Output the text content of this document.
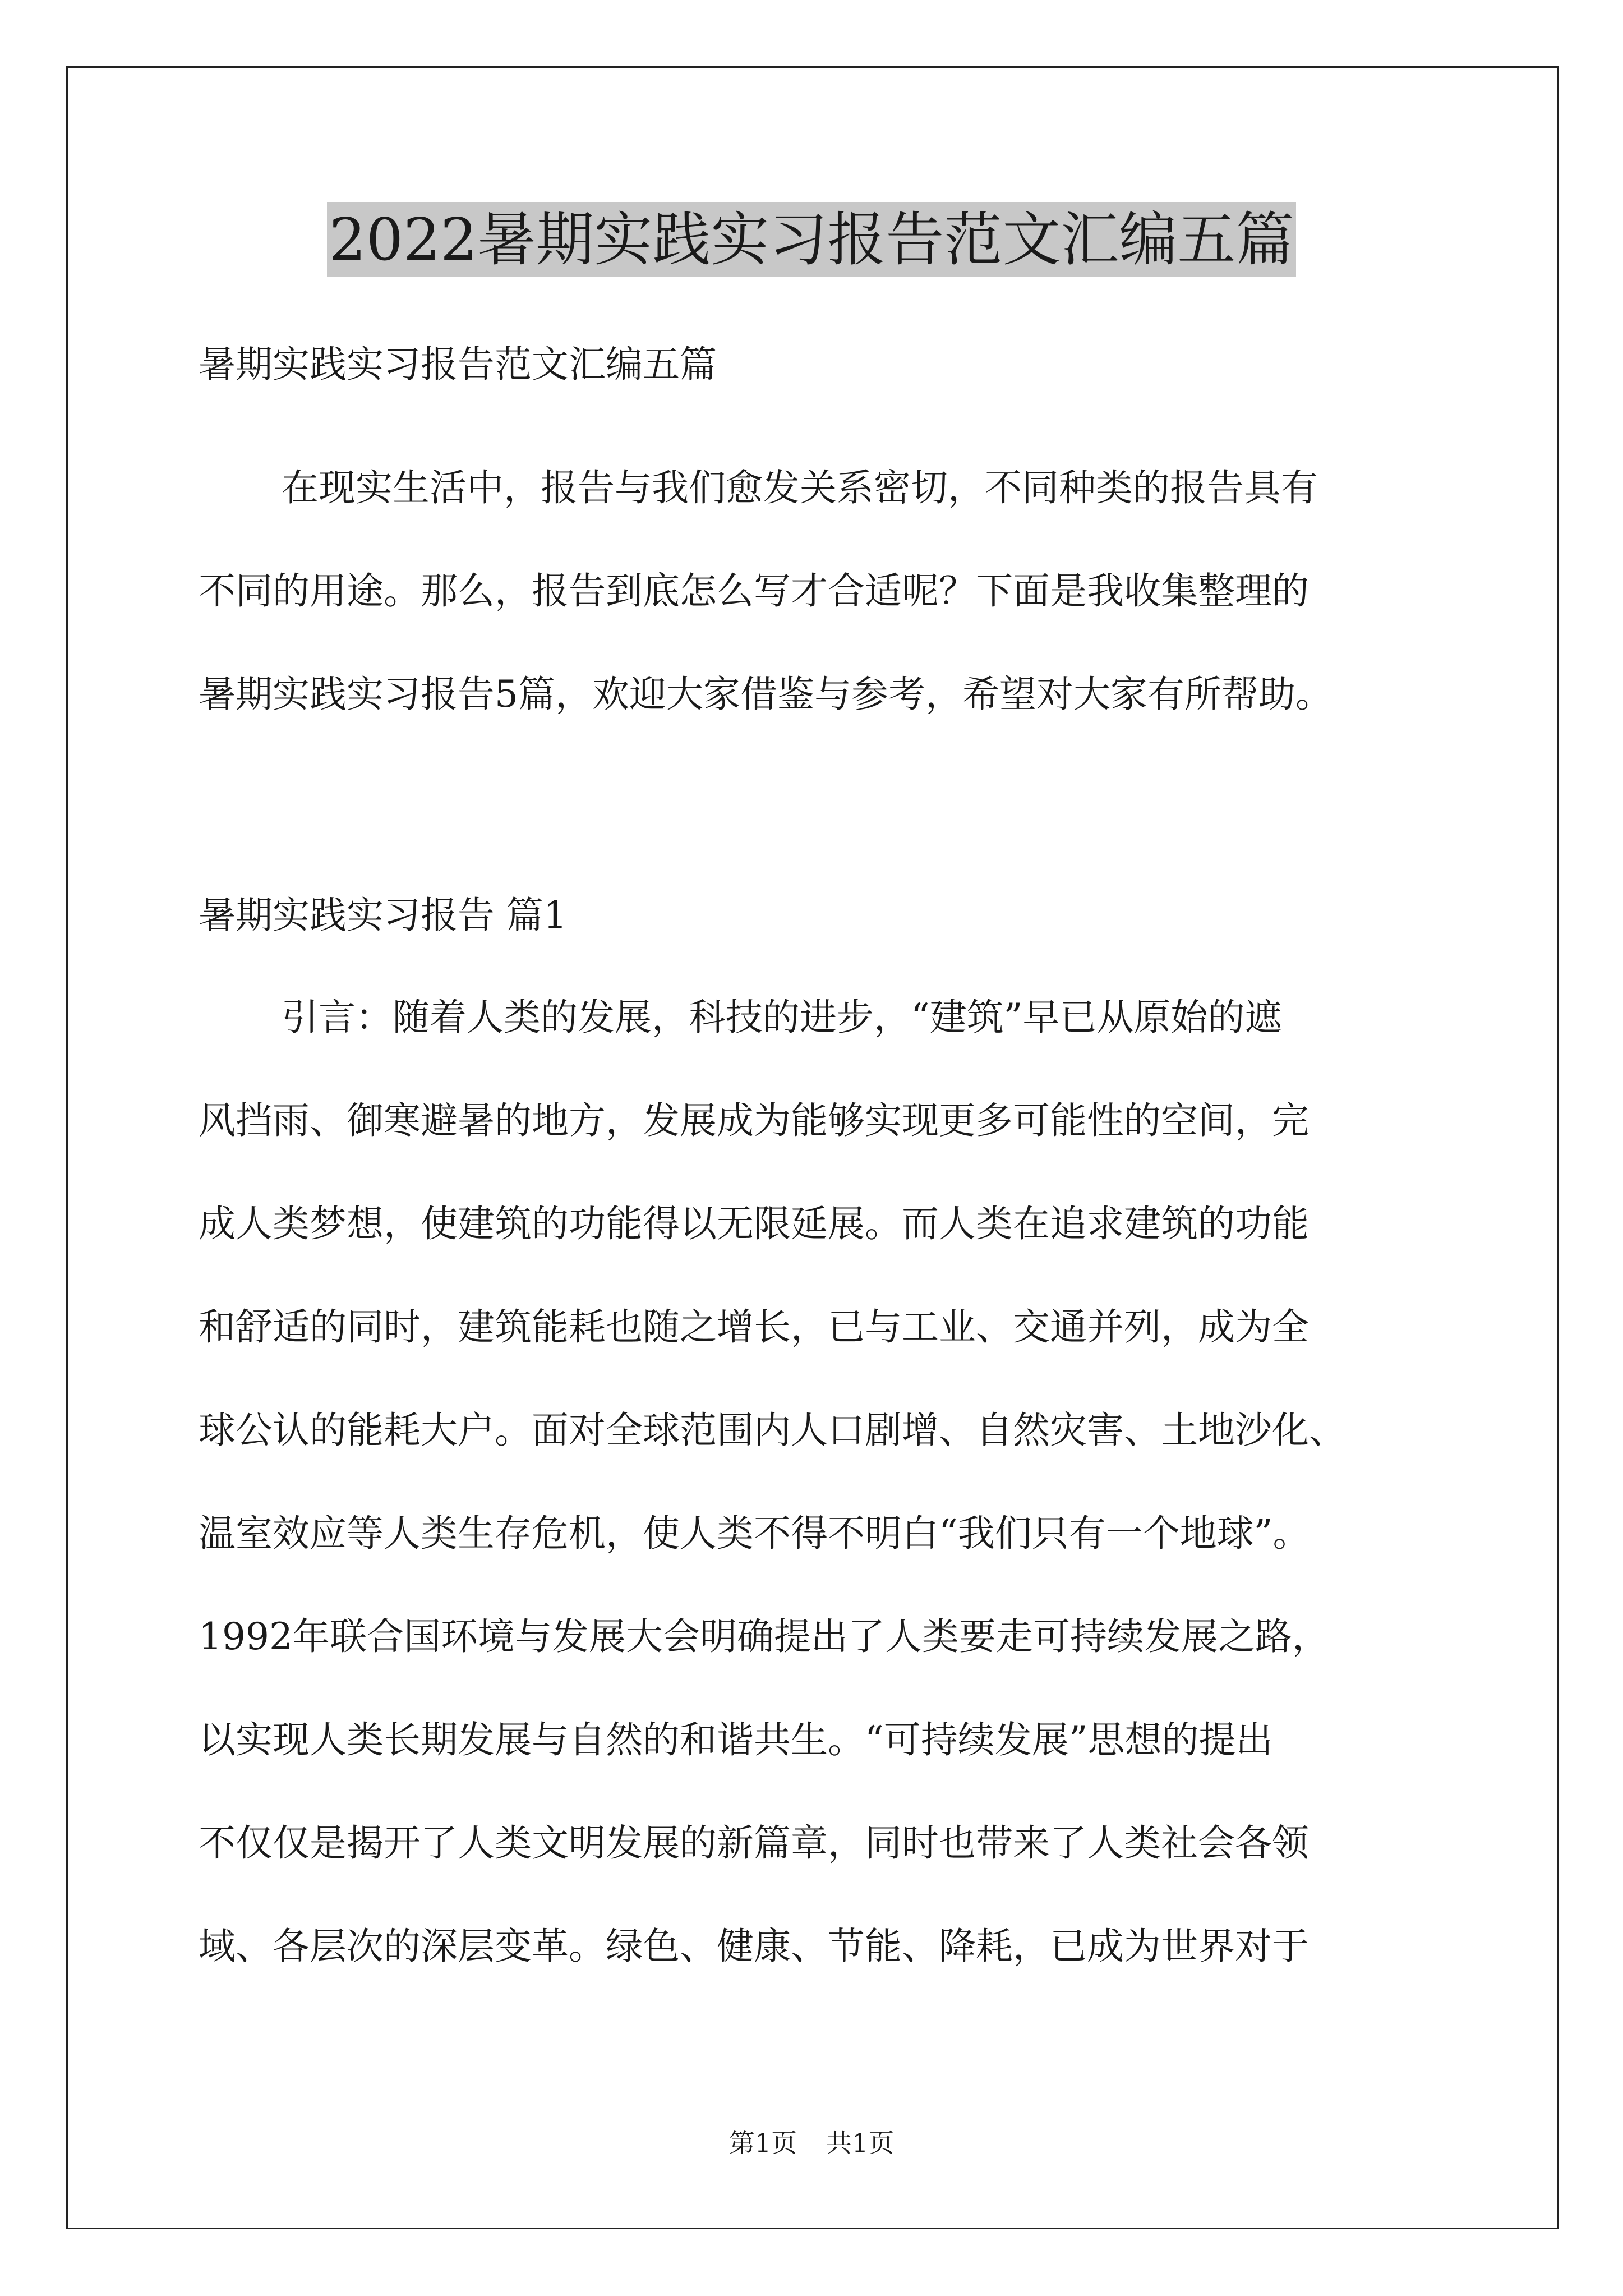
2022暑期实践实习报告范文汇编五篇

暑期实践实习报告范文汇编五篇

在现实生活中，报告与我们愈发关系密切，不同种类的报告具有

不同的用途。那么，报告到底怎么写才合适呢？下面是我收集整理的

暑期实践实习报告5篇，欢迎大家借鉴与参考，希望对大家有所帮助。

暑期实践实习报告 篇1

引言：随着人类的发展，科技的进步，“建筑”早已从原始的遮

风挡雨、御寒避暑的地方，发展成为能够实现更多可能性的空间，完

成人类梦想，使建筑的功能得以无限延展。而人类在追求建筑的功能

和舒适的同时，建筑能耗也随之增长，已与工业、交通并列，成为全

球公认的能耗大户。面对全球范围内人口剧增、自然灾害、土地沙化、

温室效应等人类生存危机，使人类不得不明白“我们只有一个地球”。

1992年联合国环境与发展大会明确提出了人类要走可持续发展之路，

以实现人类长期发展与自然的和谐共生。“可持续发展”思想的提出

不仅仅是揭开了人类文明发展的新篇章，同时也带来了人类社会各领

域、各层次的深层变革。绿色、健康、节能、降耗，已成为世界对于

第1页 共1页
